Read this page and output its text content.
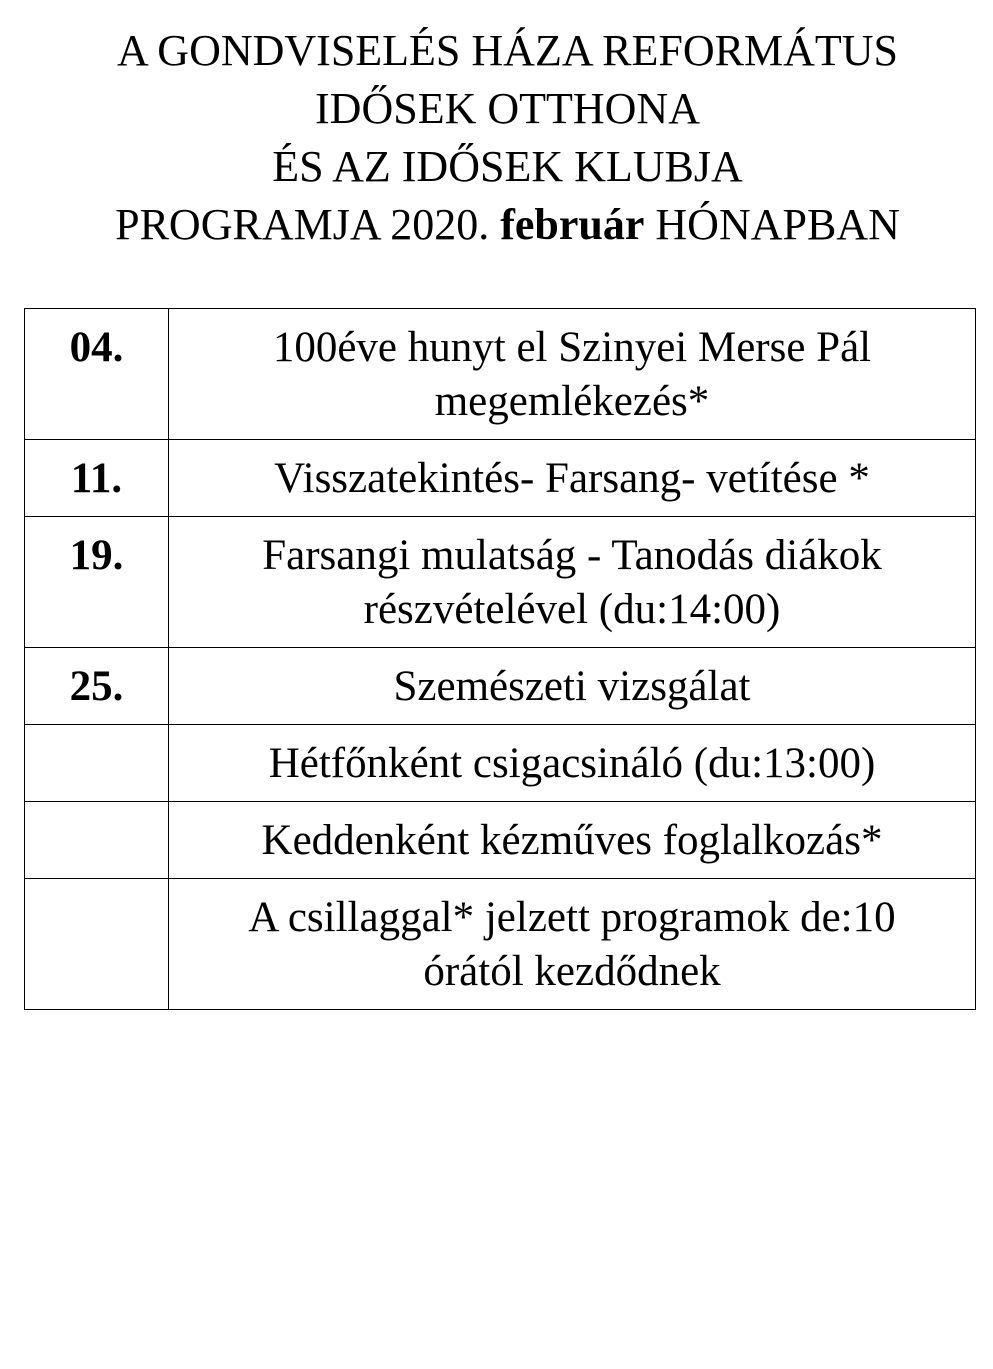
A GONDVISELÉS HÁZA REFORMÁTUS
IDŐSEK OTTHONA
ÉS AZ IDŐSEK KLUBJA
PROGRAMJA 2020. február HÓNAPBAN
04.	100éve hunyt el Szinyei Merse Pál
megemlékezés*
11.	Visszatekintés- Farsang- vetítése *
19.	Farsangi mulatság - Tanodás diákok
részvételével (du:14:00)
25.	Szemészeti vizsgálat
	Hétfőnként csigacsináló (du:13:00)
	Keddenként kézműves foglalkozás*
	A csillaggal* jelzett programok de:10
órától kezdődnek
